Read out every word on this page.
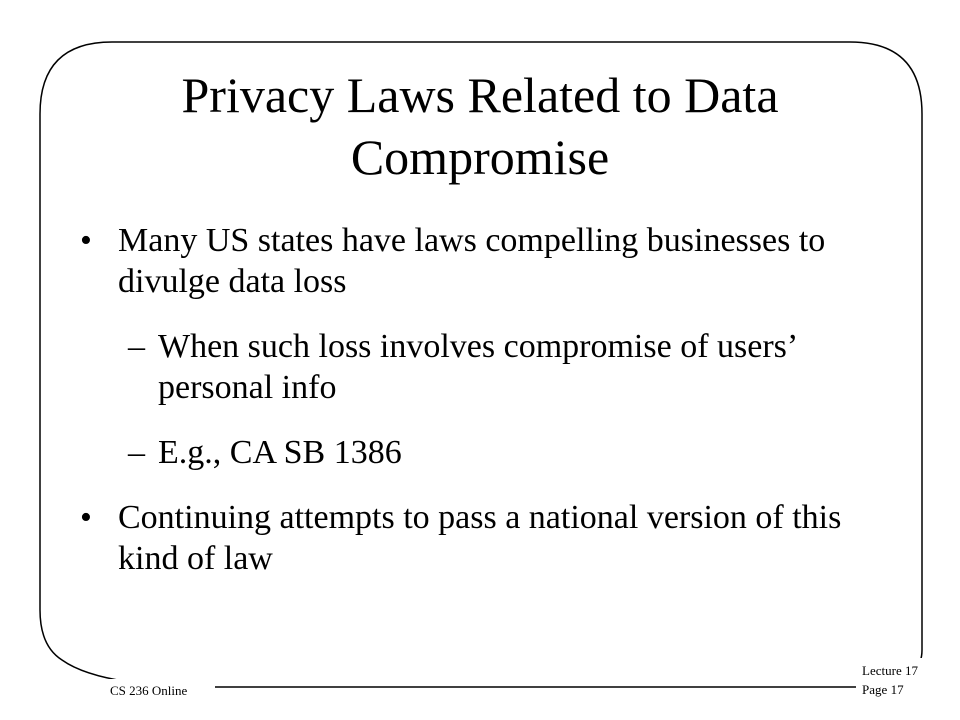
Privacy Laws Related to Data Compromise
• Many US states have laws compelling businesses to divulge data loss
– When such loss involves compromise of users’ personal info
– E.g., CA SB 1386
• Continuing attempts to pass a national version of this kind of law
CS 236 Online
Lecture 17
Page 17
